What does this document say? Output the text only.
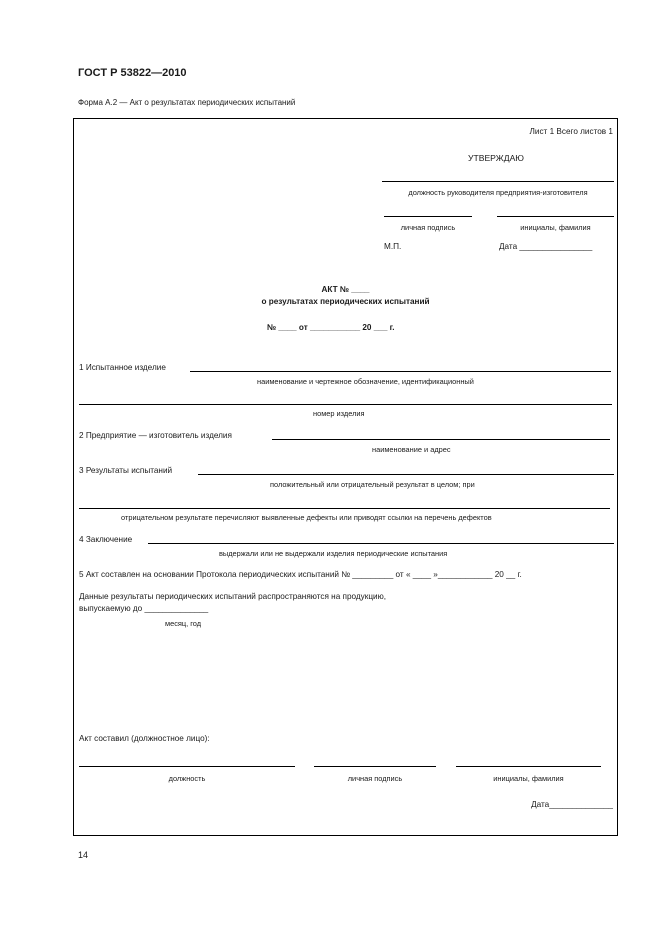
ГОСТ Р 53822—2010
Форма А.2 — Акт о результатах периодических испытаний
Лист 1 Всего листов 1
УТВЕРЖДАЮ
должность руководителя предприятия-изготовителя
личная подпись	инициалы, фамилия
М.П.	Дата ________________
АКТ № ____
о результатах периодических испытаний
№ ____ от ___________ 20 ___ г.
1 Испытанное изделие
наименование и чертежное обозначение, идентификационный
номер изделия
2 Предприятие — изготовитель изделия
наименование и адрес
3 Результаты испытаний
положительный или отрицательный результат в целом; при
отрицательном результате перечисляют выявленные дефекты или приводят ссылки на перечень дефектов
4 Заключение
выдержали или не выдержали изделия периодические испытания
5 Акт составлен на основании Протокола периодических испытаний № _________ от « ____ »____________ 20 __ г.
Данные результаты периодических испытаний распространяются на продукцию,
выпускаемую до ______________
месяц, год
Акт составил (должностное лицо):
должность	личная подпись	инициалы, фамилия
Дата______________
14
